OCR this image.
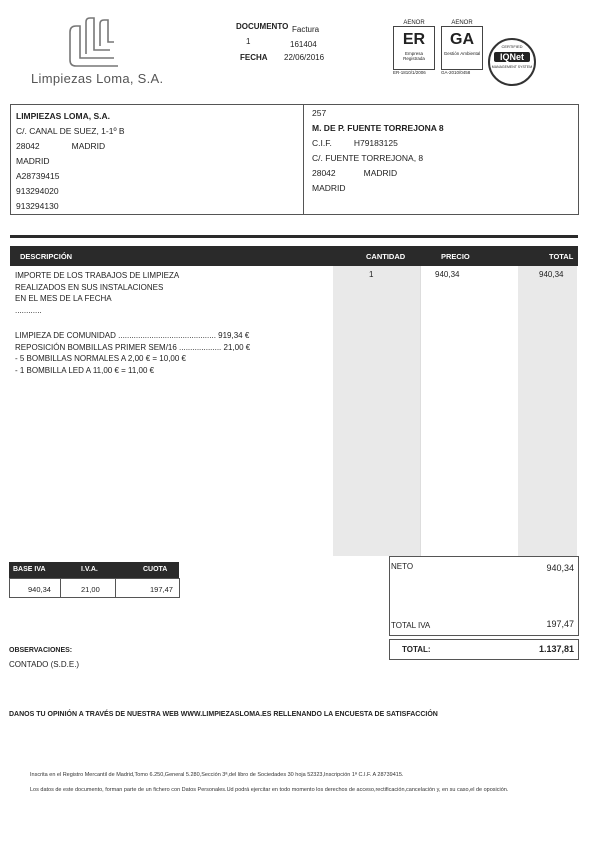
Limpiezas Loma, S.A.
DOCUMENTO Factura
1	161404
FECHA 22/06/2016
AENOR
ER
Empresa Registrada
ER-1810/1/2006
AENOR
GA
Gestión Ambiental
GA-2010/0458
CERTIFIED
IQNet
MANAGEMENT SYSTEM
LIMPIEZAS LOMA, S.A.
C/. CANAL DE SUEZ, 1-1º B
28042	MADRID
MADRID
A28739415
913294020
913294130
257
M. DE P. FUENTE TORREJONA 8
C.I.F.	H79183125
C/. FUENTE TORREJONA, 8
28042	MADRID
MADRID
DESCRIPCIÓN	CANTIDAD	PRECIO	TOTAL
IMPORTE DE LOS TRABAJOS DE LIMPIEZA
REALIZADOS EN SUS INSTALACIONES
EN EL MES DE LA FECHA
............
1	940,34	940,34
LIMPIEZA DE COMUNIDAD ............................................ 919,34 €
REPOSICIÓN BOMBILLAS PRIMER SEM/16 ................... 21,00 €
- 5 BOMBILLAS NORMALES A 2,00 € = 10,00 €
- 1 BOMBILLA LED A 11,00 € = 11,00 €
BASE IVA	I.V.A.	CUOTA
940,34	21,00	197,47
NETO	940,34
TOTAL IVA	197,47
TOTAL:	1.137,81
OBSERVACIONES:
CONTADO (S.D.E.)
DANOS TU OPINIÓN A TRAVÉS DE NUESTRA WEB WWW.LIMPIEZASLOMA.ES RELLENANDO LA ENCUESTA DE SATISFACCIÓN
Inscrita en el Registro Mercantil de Madrid,Tomo 6.250,General 5.280,Sección 3ª,del libro de Sociedades 30 hoja 52323,Inscripción 1ª C.I.F. A 28739415.
Los datos de este documento, forman parte de un fichero con Datos Personales.Ud podrá ejercitar en todo momento los derechos de acceso,rectificación,cancelación y, en su caso,el de oposición.
